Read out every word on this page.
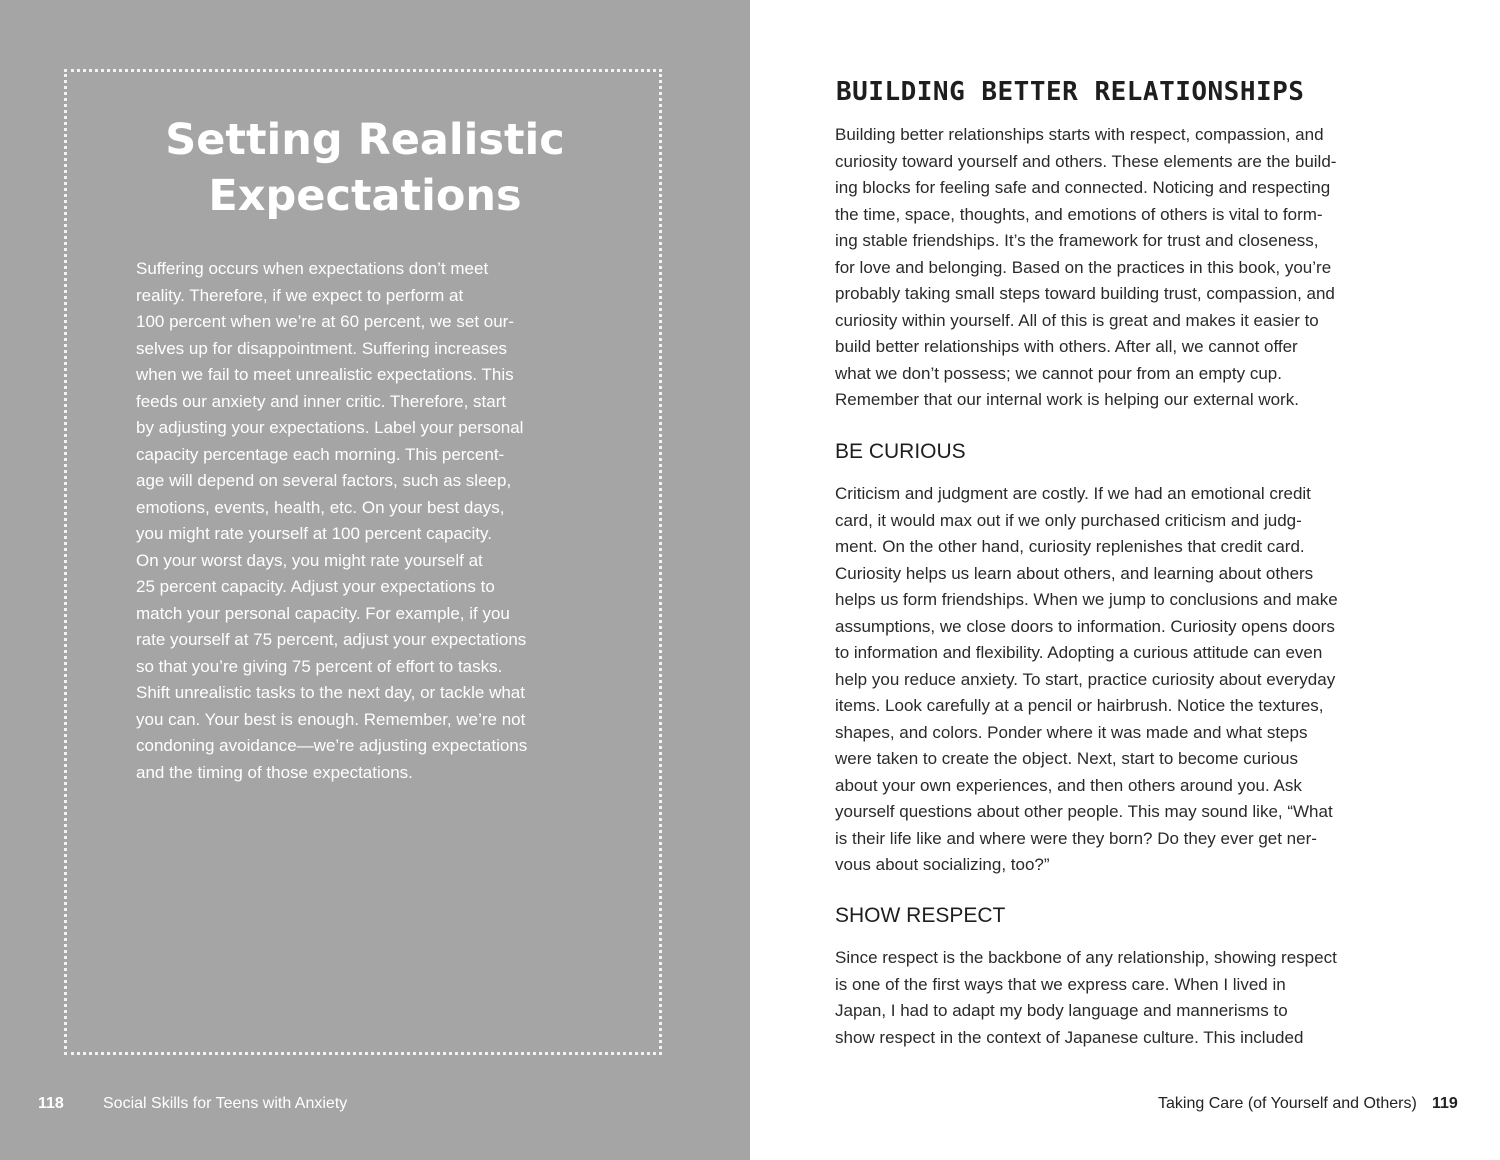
Setting Realistic
Expectations
Suffering occurs when expectations don’t meet
reality. Therefore, if we expect to perform at
100 percent when we’re at 60 percent, we set our-
selves up for disappointment. Suffering increases
when we fail to meet unrealistic expectations. This
feeds our anxiety and inner critic. Therefore, start
by adjusting your expectations. Label your personal
capacity percentage each morning. This percent-
age will depend on several factors, such as sleep,
emotions, events, health, etc. On your best days,
you might rate yourself at 100 percent capacity.
On your worst days, you might rate yourself at
25 percent capacity. Adjust your expectations to
match your personal capacity. For example, if you
rate yourself at 75 percent, adjust your expectations
so that you’re giving 75 percent of effort to tasks.
Shift unrealistic tasks to the next day, or tackle what
you can. Your best is enough. Remember, we’re not
condoning avoidance—we’re adjusting expectations
and the timing of those expectations.
118 Social Skills for Teens with Anxiety
BUILDING BETTER RELATIONSHIPS
Building better relationships starts with respect, compassion, and
curiosity toward yourself and others. These elements are the build-
ing blocks for feeling safe and connected. Noticing and respecting
the time, space, thoughts, and emotions of others is vital to form-
ing stable friendships. It’s the framework for trust and closeness,
for love and belonging. Based on the practices in this book, you’re
probably taking small steps toward building trust, compassion, and
curiosity within yourself. All of this is great and makes it easier to
build better relationships with others. After all, we cannot offer
what we don’t possess; we cannot pour from an empty cup.
Remember that our internal work is helping our external work.
BE CURIOUS
Criticism and judgment are costly. If we had an emotional credit
card, it would max out if we only purchased criticism and judg-
ment. On the other hand, curiosity replenishes that credit card.
Curiosity helps us learn about others, and learning about others
helps us form friendships. When we jump to conclusions and make
assumptions, we close doors to information. Curiosity opens doors
to information and flexibility. Adopting a curious attitude can even
help you reduce anxiety. To start, practice curiosity about everyday
items. Look carefully at a pencil or hairbrush. Notice the textures,
shapes, and colors. Ponder where it was made and what steps
were taken to create the object. Next, start to become curious
about your own experiences, and then others around you. Ask
yourself questions about other people. This may sound like, “What
is their life like and where were they born? Do they ever get ner-
vous about socializing, too?”
SHOW RESPECT
Since respect is the backbone of any relationship, showing respect
is one of the first ways that we express care. When I lived in
Japan, I had to adapt my body language and mannerisms to
show respect in the context of Japanese culture. This included
Taking Care (of Yourself and Others) 119
